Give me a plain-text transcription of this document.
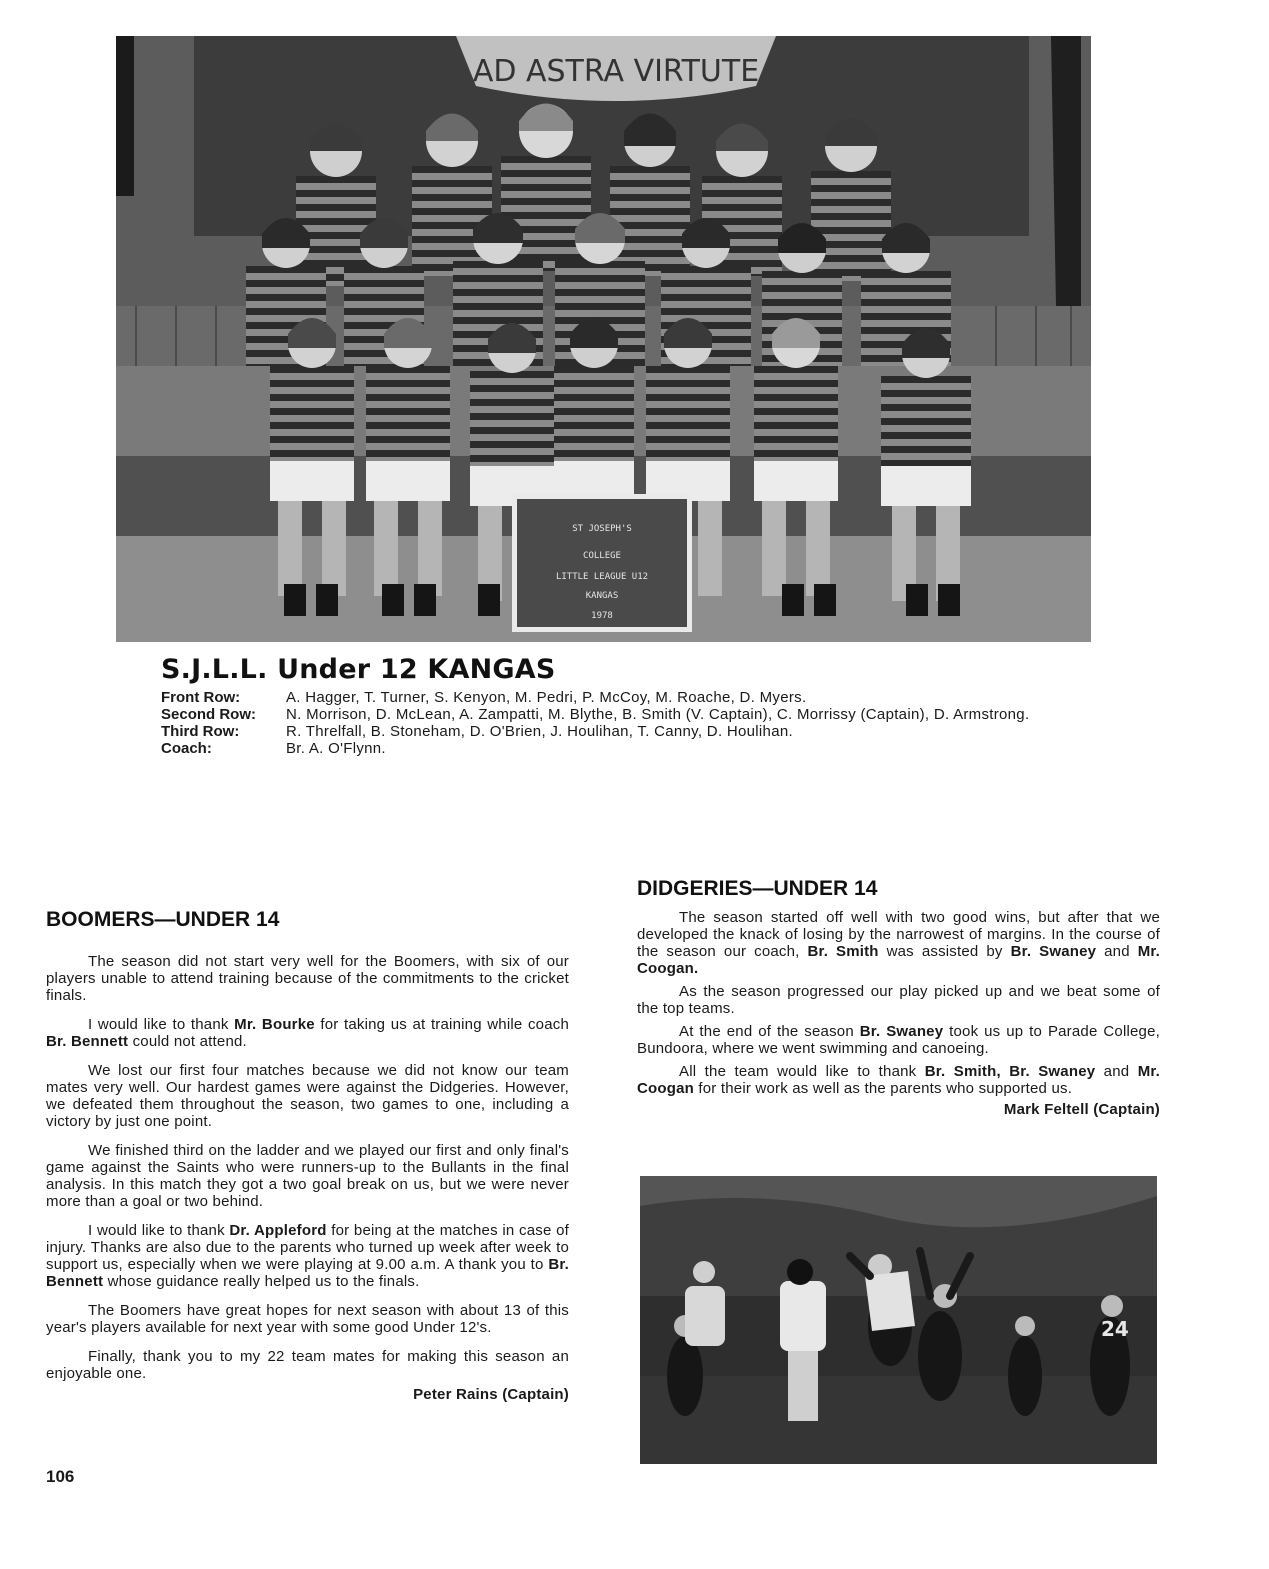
AD ASTRA VIRTUTE
ST JOSEPH'S
COLLEGE
LITTLE LEAGUE U12
KANGAS
1978
S.J.L.L. Under 12 KANGAS
Front Row:	A. Hagger, T. Turner, S. Kenyon, M. Pedri, P. McCoy, M. Roache, D. Myers.
Second Row:	N. Morrison, D. McLean, A. Zampatti, M. Blythe, B. Smith (V. Captain), C. Morrissy (Captain), D. Armstrong.
Third Row:	R. Threlfall, B. Stoneham, D. O'Brien, J. Houlihan, T. Canny, D. Houlihan.
Coach:	Br. A. O'Flynn.
BOOMERS—UNDER 14

The season did not start very well for the Boomers, with six of our players unable to attend training because of the commitments to the cricket finals.

I would like to thank Mr. Bourke for taking us at training while coach Br. Bennett could not attend.

We lost our first four matches because we did not know our team mates very well. Our hardest games were against the Didgeries. However, we defeated them throughout the season, two games to one, including a victory by just one point.

We finished third on the ladder and we played our first and only final's game against the Saints who were runners-up to the Bullants in the final analysis. In this match they got a two goal break on us, but we were never more than a goal or two behind.

I would like to thank Dr. Appleford for being at the matches in case of injury. Thanks are also due to the parents who turned up week after week to support us, especially when we were playing at 9.00 a.m. A thank you to Br. Bennett whose guidance really helped us to the finals.

The Boomers have great hopes for next season with about 13 of this year's players available for next year with some good Under 12's.

Finally, thank you to my 22 team mates for making this season an enjoyable one.

Peter Rains (Captain)
DIDGERIES—UNDER 14

The season started off well with two good wins, but after that we developed the knack of losing by the narrowest of margins. In the course of the season our coach, Br. Smith was assisted by Br. Swaney and Mr. Coogan.

As the season progressed our play picked up and we beat some of the top teams.

At the end of the season Br. Swaney took us up to Parade College, Bundoora, where we went swimming and canoeing.

All the team would like to thank Br. Smith, Br. Swaney and Mr. Coogan for their work as well as the parents who supported us.

Mark Feltell (Captain)
24
106
